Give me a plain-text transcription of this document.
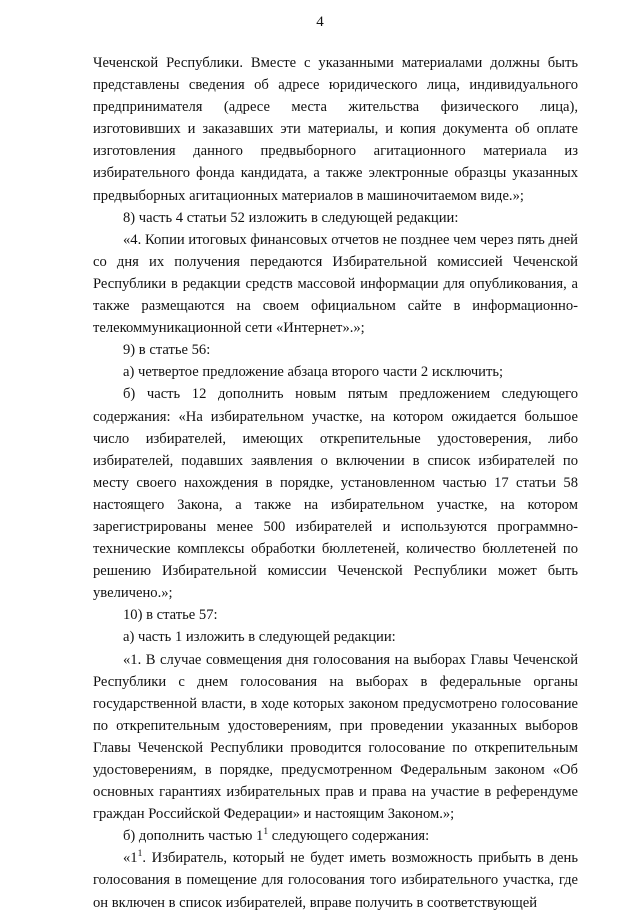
4

Чеченской Республики. Вместе с указанными материалами должны быть представлены сведения об адресе юридического лица, индивидуального предпринимателя (адресе места жительства физического лица), изготовивших и заказавших эти материалы, и копия документа об оплате изготовления данного предвыборного агитационного материала из избирательного фонда кандидата, а также электронные образцы указанных предвыборных агитационных материалов в машиночитаемом виде.»;

8) часть 4 статьи 52 изложить в следующей редакции:

«4. Копии итоговых финансовых отчетов не позднее чем через пять дней со дня их получения передаются Избирательной комиссией Чеченской Республики в редакции средств массовой информации для опубликования, а также размещаются на своем официальном сайте в информационно-телекоммуникационной сети «Интернет».»;

9) в статье 56:

а) четвертое предложение абзаца второго части 2 исключить;

б) часть 12 дополнить новым пятым предложением следующего содержания: «На избирательном участке, на котором ожидается большое число избирателей, имеющих открепительные удостоверения, либо избирателей, подавших заявления о включении в список избирателей по месту своего нахождения в порядке, установленном частью 17 статьи 58 настоящего Закона, а также на избирательном участке, на котором зарегистрированы менее 500 избирателей и используются программно-технические комплексы обработки бюллетеней, количество бюллетеней по решению Избирательной комиссии Чеченской Республики может быть увеличено.»;

10) в статье 57:

а) часть 1 изложить в следующей редакции:

«1. В случае совмещения дня голосования на выборах Главы Чеченской Республики с днем голосования на выборах в федеральные органы государственной власти, в ходе которых законом предусмотрено голосование по открепительным удостоверениям, при проведении указанных выборов Главы Чеченской Республики проводится голосование по открепительным удостоверениям, в порядке, предусмотренном Федеральным законом «Об основных гарантиях избирательных прав и права на участие в референдуме граждан Российской Федерации» и настоящим Законом.»;

б) дополнить частью $1^1$ следующего содержания:

«$1^1$. Избиратель, который не будет иметь возможность прибыть в день голосования в помещение для голосования того избирательного участка, где он включен в список избирателей, вправе получить в соответствующей
